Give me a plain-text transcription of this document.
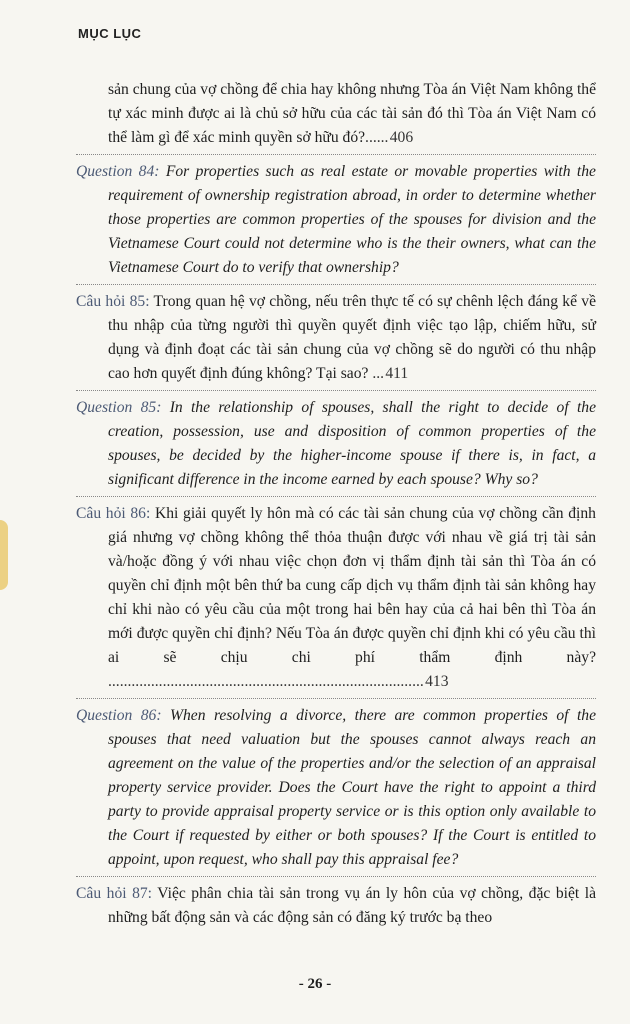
MỤC LỤC
sản chung của vợ chồng để chia hay không nhưng Tòa án Việt Nam không thể tự xác minh được ai là chủ sở hữu của các tài sản đó thì Tòa án Việt Nam có thể làm gì để xác minh quyền sở hữu đó?...... 406
Question 84: For properties such as real estate or movable properties with the requirement of ownership registration abroad, in order to determine whether those properties are common properties of the spouses for division and the Vietnamese Court could not determine who is the their owners, what can the Vietnamese Court do to verify that ownership?
Câu hỏi 85: Trong quan hệ vợ chồng, nếu trên thực tế có sự chênh lệch đáng kể về thu nhập của từng người thì quyền quyết định việc tạo lập, chiếm hữu, sử dụng và định đoạt các tài sản chung của vợ chồng sẽ do người có thu nhập cao hơn quyết định đúng không? Tại sao? ... 411
Question 85: In the relationship of spouses, shall the right to decide of the creation, possession, use and disposition of common properties of the spouses, be decided by the higher-income spouse if there is, in fact, a significant difference in the income earned by each spouse? Why so?
Câu hỏi 86: Khi giải quyết ly hôn mà có các tài sản chung của vợ chồng cần định giá nhưng vợ chồng không thể thỏa thuận được với nhau về giá trị tài sản và/hoặc đồng ý với nhau việc chọn đơn vị thẩm định tài sản thì Tòa án có quyền chỉ định một bên thứ ba cung cấp dịch vụ thẩm định tài sản không hay chỉ khi nào có yêu cầu của một trong hai bên hay của cả hai bên thì Tòa án mới được quyền chỉ định? Nếu Tòa án được quyền chỉ định khi có yêu cầu thì ai sẽ chịu chi phí thẩm định này? ................................................................................. 413
Question 86: When resolving a divorce, there are common properties of the spouses that need valuation but the spouses cannot always reach an agreement on the value of the properties and/or the selection of an appraisal property service provider. Does the Court have the right to appoint a third party to provide appraisal property service or is this option only available to the Court if requested by either or both spouses? If the Court is entitled to appoint, upon request, who shall pay this appraisal fee?
Câu hỏi 87: Việc phân chia tài sản trong vụ án ly hôn của vợ chồng, đặc biệt là những bất động sản và các động sản có đăng ký trước bạ theo
- 26 -
